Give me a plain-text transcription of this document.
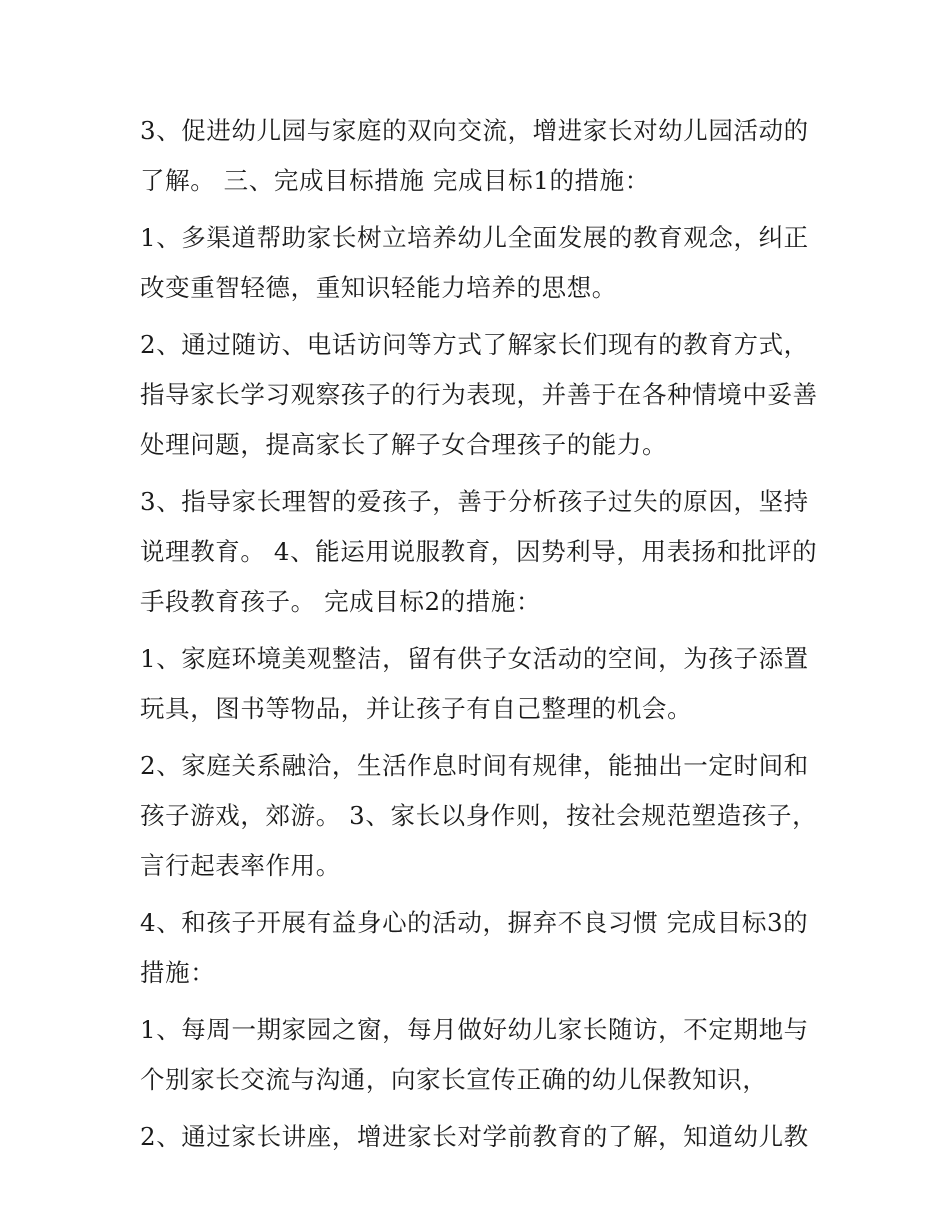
3、促进幼儿园与家庭的双向交流，增进家长对幼儿园活动的
了解。 三、完成目标措施 完成目标1的措施：

1、多渠道帮助家长树立培养幼儿全面发展的教育观念，纠正
改变重智轻德，重知识轻能力培养的思想。

2、通过随访、电话访问等方式了解家长们现有的教育方式，
指导家长学习观察孩子的行为表现，并善于在各种情境中妥善
处理问题，提高家长了解子女合理孩子的能力。

3、指导家长理智的爱孩子，善于分析孩子过失的原因，坚持
说理教育。 4、能运用说服教育，因势利导，用表扬和批评的
手段教育孩子。 完成目标2的措施：

1、家庭环境美观整洁，留有供子女活动的空间，为孩子添置
玩具，图书等物品，并让孩子有自己整理的机会。

2、家庭关系融洽，生活作息时间有规律，能抽出一定时间和
孩子游戏，郊游。 3、家长以身作则，按社会规范塑造孩子，
言行起表率作用。

4、和孩子开展有益身心的活动，摒弃不良习惯 完成目标3的
措施：

1、每周一期家园之窗，每月做好幼儿家长随访，不定期地与
个别家长交流与沟通，向家长宣传正确的幼儿保教知识，

2、通过家长讲座，增进家长对学前教育的了解，知道幼儿教
